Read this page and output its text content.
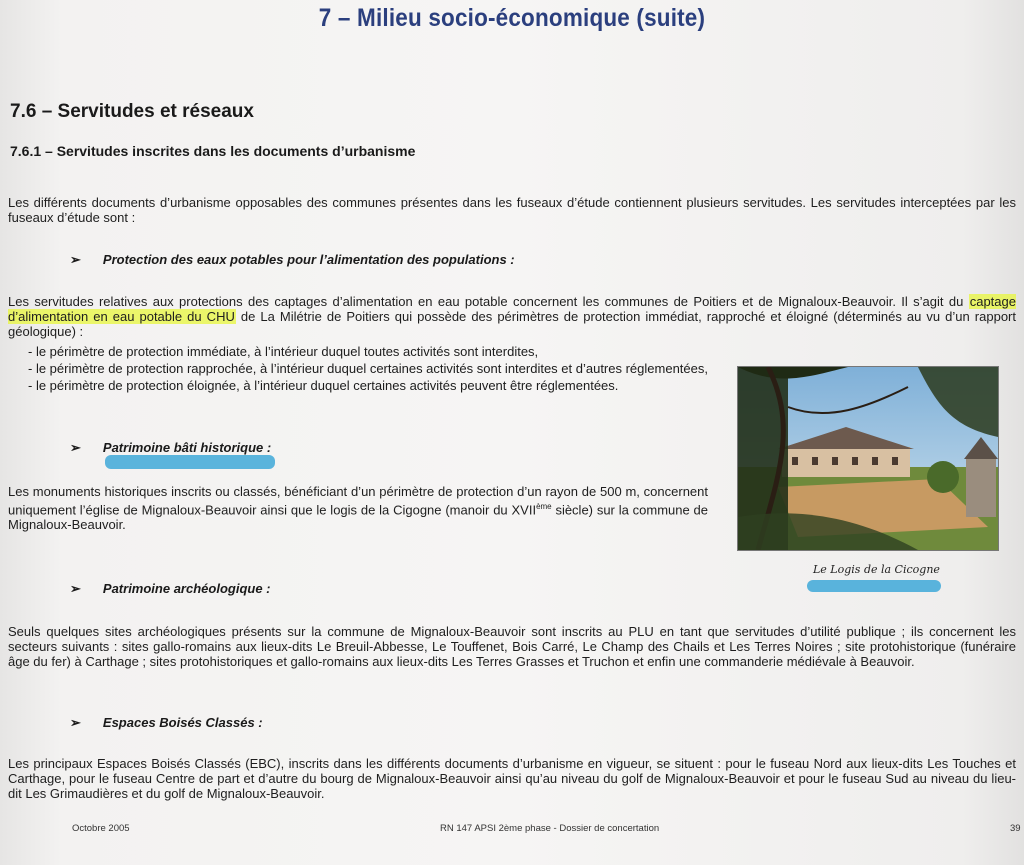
7 – Milieu socio-économique (suite)
7.6 – Servitudes et réseaux
7.6.1 – Servitudes inscrites dans les documents d’urbanisme
Les différents documents d’urbanisme opposables des communes présentes dans les fuseaux d’étude contiennent plusieurs servitudes. Les servitudes interceptées par les fuseaux d’étude sont :
➢ Protection des eaux potables pour l’alimentation des populations :
Les servitudes relatives aux protections des captages d’alimentation en eau potable concernent les communes de Poitiers et de Mignaloux-Beauvoir. Il s’agit du captage d’alimentation en eau potable du CHU de La Milétrie de Poitiers qui possède des périmètres de protection immédiat, rapproché et éloigné (déterminés au vu d’un rapport géologique) :
- le périmètre de protection immédiate, à l’intérieur duquel toutes activités sont interdites,
- le périmètre de protection rapprochée, à l’intérieur duquel certaines activités sont interdites et d’autres réglementées,
- le périmètre de protection éloignée, à l’intérieur duquel certaines activités peuvent être réglementées.
Le Logis de la Cicogne
➢ Patrimoine bâti historique :
Les monuments historiques inscrits ou classés, bénéficiant d’un périmètre de protection d’un rayon de 500 m, concernent uniquement l’église de Mignaloux-Beauvoir ainsi que le logis de la Cigogne (manoir du XVIIème siècle) sur la commune de Mignaloux-Beauvoir.
➢ Patrimoine archéologique :
Seuls quelques sites archéologiques présents sur la commune de Mignaloux-Beauvoir sont inscrits au PLU en tant que servitudes d’utilité publique ; ils concernent les secteurs suivants : sites gallo-romains aux lieux-dits Le Breuil-Abbesse, Le Touffenet, Bois Carré, Le Champ des Chails et Les Terres Noires ; site protohistorique (funéraire âge du fer) à Carthage ; sites protohistoriques et gallo-romains aux lieux-dits Les Terres Grasses et Truchon et enfin une commanderie médiévale à Beauvoir.
➢ Espaces Boisés Classés :
Les principaux Espaces Boisés Classés (EBC), inscrits dans les différents documents d’urbanisme en vigueur, se situent : pour le fuseau Nord aux lieux-dits Les Touches et Carthage, pour le fuseau Centre de part et d’autre du bourg de Mignaloux-Beauvoir ainsi qu’au niveau du golf de Mignaloux-Beauvoir et pour le fuseau Sud au niveau du lieu-dit Les Grimaudières et du golf de Mignaloux-Beauvoir.
Octobre 2005	RN 147 APSI 2ème phase - Dossier de concertation	39
